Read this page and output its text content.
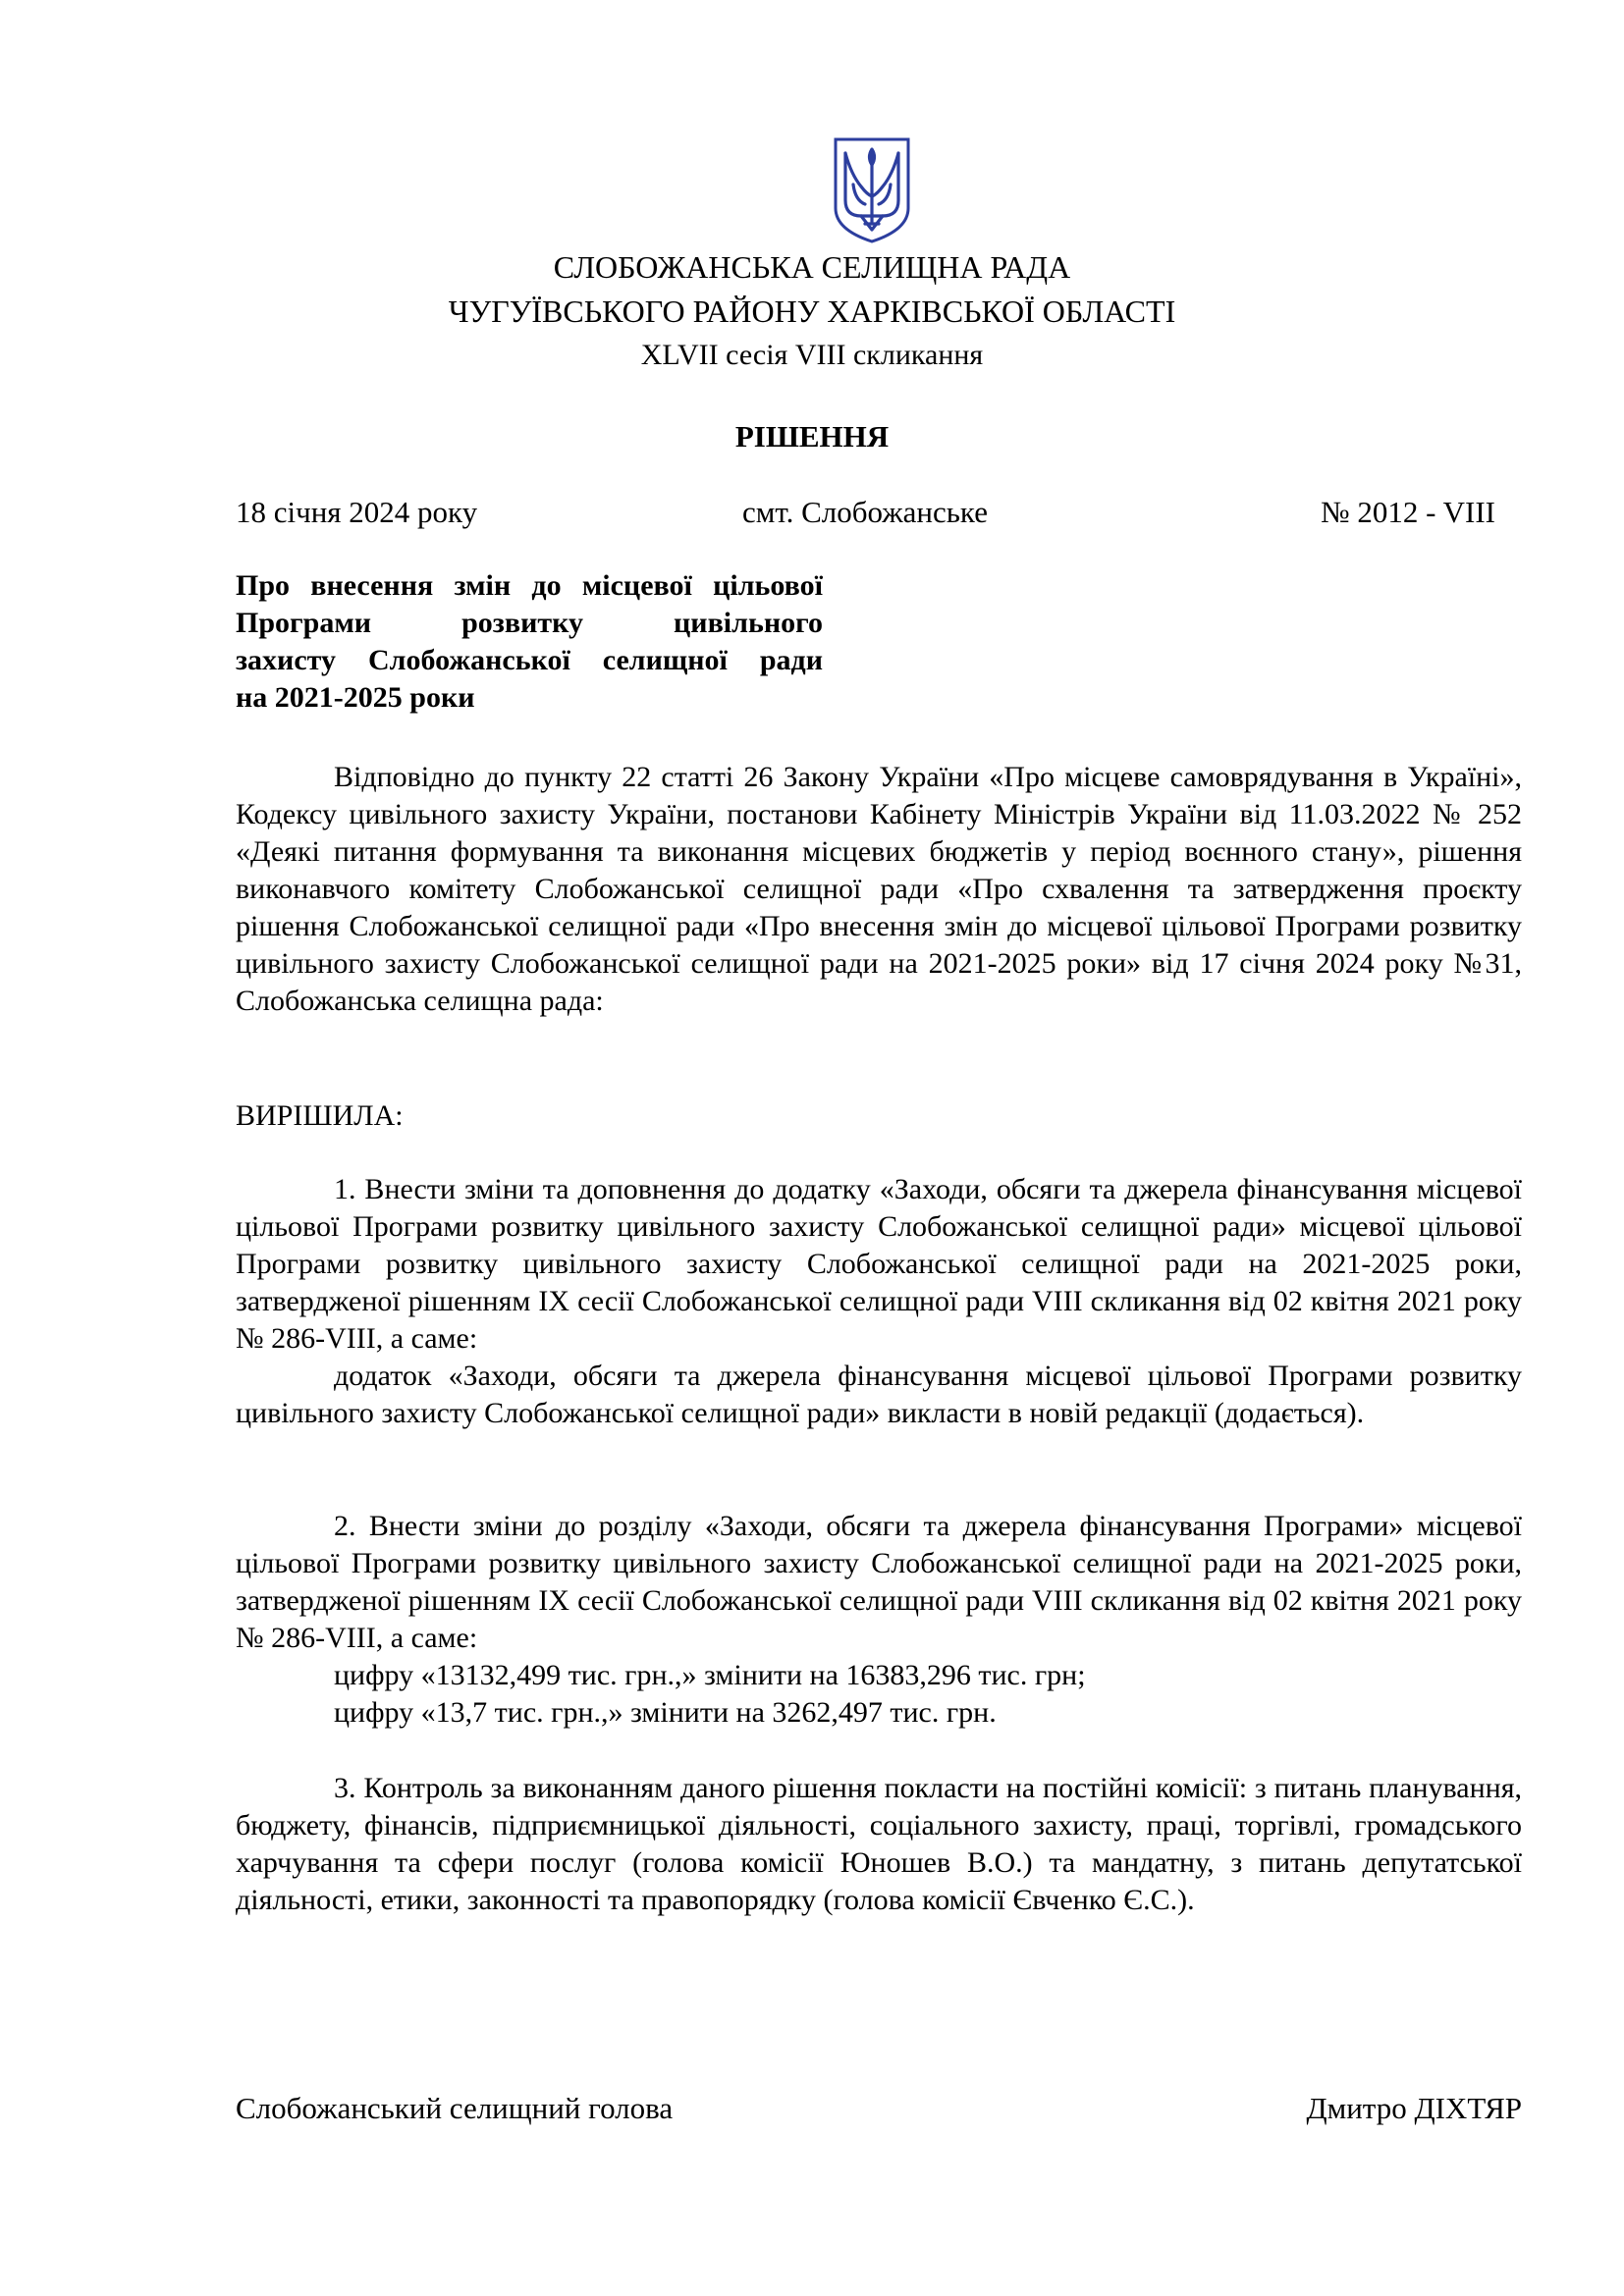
СЛОБОЖАНСЬКА СЕЛИЩНА РАДА
ЧУГУЇВСЬКОГО РАЙОНУ ХАРКІВСЬКОЇ ОБЛАСТІ
XLVII сесія VIII скликання
РІШЕННЯ
18 січня 2024 року	смт. Слобожанське	№ 2012 - VIII
Про внесення змін до місцевої цільової
Програми розвитку цивільного
захисту Слобожанської селищної ради
на 2021-2025 роки

Відповідно до пункту 22 статті 26 Закону України «Про місцеве самоврядування в Україні», Кодексу цивільного захисту України, постанови Кабінету Міністрів України від 11.03.2022 № 252 «Деякі питання формування та виконання місцевих бюджетів у період воєнного стану», рішення виконавчого комітету Слобожанської селищної ради «Про схвалення та затвердження проєкту рішення Слобожанської селищної ради «Про внесення змін до місцевої цільової Програми розвитку цивільного захисту Слобожанської селищної ради на 2021-2025 роки» від 17 січня 2024 року №31, Слобожанська селищна рада:

ВИРІШИЛА:

1. Внести зміни та доповнення до додатку «Заходи, обсяги та джерела фінансування місцевої цільової Програми розвитку цивільного захисту Слобожанської селищної ради» місцевої цільової Програми розвитку цивільного захисту Слобожанської селищної ради на 2021-2025 роки, затвердженої рішенням IX сесії Слобожанської селищної ради VIII скликання від 02 квітня 2021 року № 286-VIII, а саме:

додаток «Заходи, обсяги та джерела фінансування місцевої цільової Програми розвитку цивільного захисту Слобожанської селищної ради» викласти в новій редакції (додається).

2. Внести зміни до розділу «Заходи, обсяги та джерела фінансування Програми» місцевої цільової Програми розвитку цивільного захисту Слобожанської селищної ради на 2021-2025 роки, затвердженої рішенням IX сесії Слобожанської селищної ради VIII скликання від 02 квітня 2021 року № 286-VIII, а саме:

цифру «13132,499 тис. грн.,» змінити на 16383,296 тис. грн;

цифру «13,7 тис. грн.,» змінити на 3262,497 тис. грн.

3. Контроль за виконанням даного рішення покласти на постійні комісії: з питань планування, бюджету, фінансів, підприємницької діяльності, соціального захисту, праці, торгівлі, громадського харчування та сфери послуг (голова комісії Юношев В.О.) та мандатну, з питань депутатської діяльності, етики, законності та правопорядку (голова комісії Євченко Є.С.).

Слобожанський селищний голова	Дмитро ДІХТЯР
